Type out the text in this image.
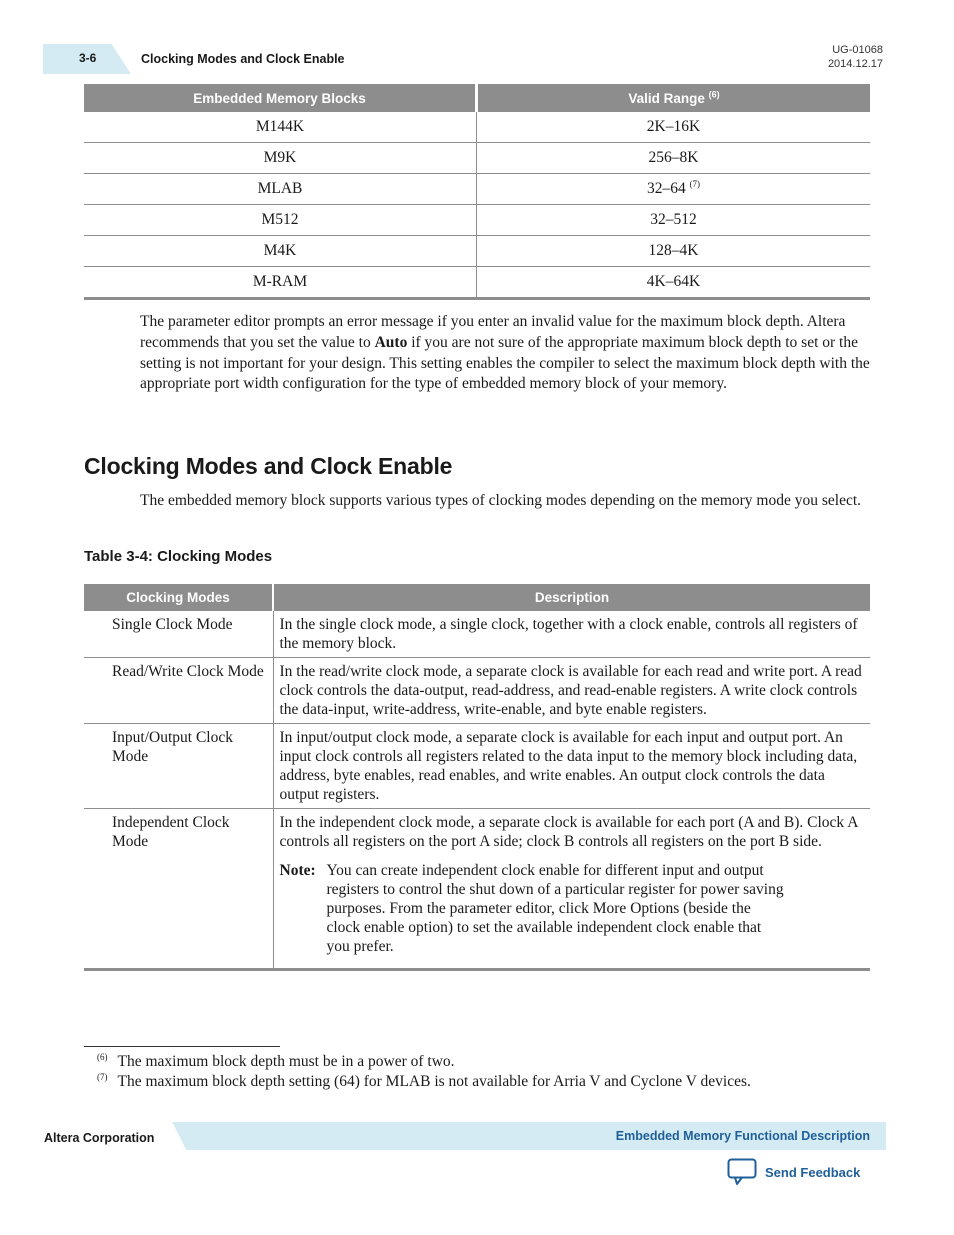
3-6	Clocking Modes and Clock Enable
UG-01068
2014.12.17
Embedded Memory Blocks	Valid Range $^{(6)}$
M144K	2K–16K
M9K	256–8K
MLAB	32–64 $^{(7)}$
M512	32–512
M4K	128–4K
M-RAM	4K–64K
The parameter editor prompts an error message if you enter an invalid value for the maximum block depth. Altera recommends that you set the value to Auto if you are not sure of the appropriate maximum block depth to set or the setting is not important for your design. This setting enables the compiler to select the maximum block depth with the appropriate port width configuration for the type of embedded memory block of your memory.
Clocking Modes and Clock Enable
The embedded memory block supports various types of clocking modes depending on the memory mode you select.
Table 3-4: Clocking Modes
Clocking Modes	Description
Single Clock Mode	In the single clock mode, a single clock, together with a clock enable, controls all registers of the memory block.
Read/Write Clock Mode	In the read/write clock mode, a separate clock is available for each read and write port. A read clock controls the data-output, read-address, and read-enable registers. A write clock controls the data-input, write-address, write-enable, and byte enable registers.
Input/Output Clock Mode	In input/output clock mode, a separate clock is available for each input and output port. An input clock controls all registers related to the data input to the memory block including data, address, byte enables, read enables, and write enables. An output clock controls the data output registers.
Independent Clock Mode	In the independent clock mode, a separate clock is available for each port (A and B). Clock A controls all registers on the port A side; clock B controls all registers on the port B side.
Note: You can create independent clock enable for different input and output registers to control the shut down of a particular register for power saving purposes. From the parameter editor, click More Options (beside the clock enable option) to set the available independent clock enable that you prefer.
$^{(6)}$ The maximum block depth must be in a power of two.
$^{(7)}$ The maximum block depth setting (64) for MLAB is not available for Arria V and Cyclone V devices.
Altera Corporation	Embedded Memory Functional Description
Send Feedback
